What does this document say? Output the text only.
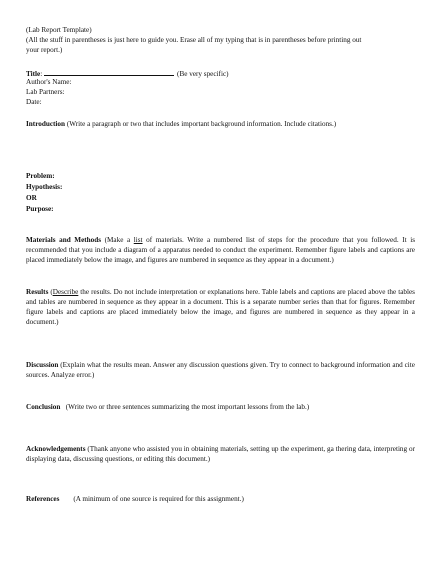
(Lab Report Template)
(All the stuff in parentheses is just here to guide you. Erase all of my typing that is in parentheses before printing out
your report.)
Title:	(Be very specific)
Author's Name:
Lab Partners:
Date:
Introduction (Write a paragraph or two that includes important background information. Include citations.)
Problem:
Hypothesis:
OR
Purpose:
Materials and Methods (Make a list of materials. Write a numbered list of steps for the procedure that you followed. It is recommended that you include a diagram of a apparatus needed to conduct the experiment. Remember figure labels and captions are placed immediately below the image, and figures are numbered in sequence as they appear in a document.)
Results (Describe the results. Do not include interpretation or explanations here. Table labels and captions are placed above the tables and tables are numbered in sequence as they appear in a document. This is a separate number series than that for figures. Remember figure labels and captions are placed immediately below the image, and figures are numbered in sequence as they appear in a document.)
Discussion (Explain what the results mean. Answer any discussion questions given. Try to connect to background information and cite sources. Analyze error.)
Conclusion   (Write two or three sentences summarizing the most important lessons from the lab.)
Acknowledgements (Thank anyone who assisted you in obtaining materials, setting up the experiment, ga thering data, interpreting or displaying data, discussing questions, or editing this document.)
References (A minimum of one source is required for this assignment.)
